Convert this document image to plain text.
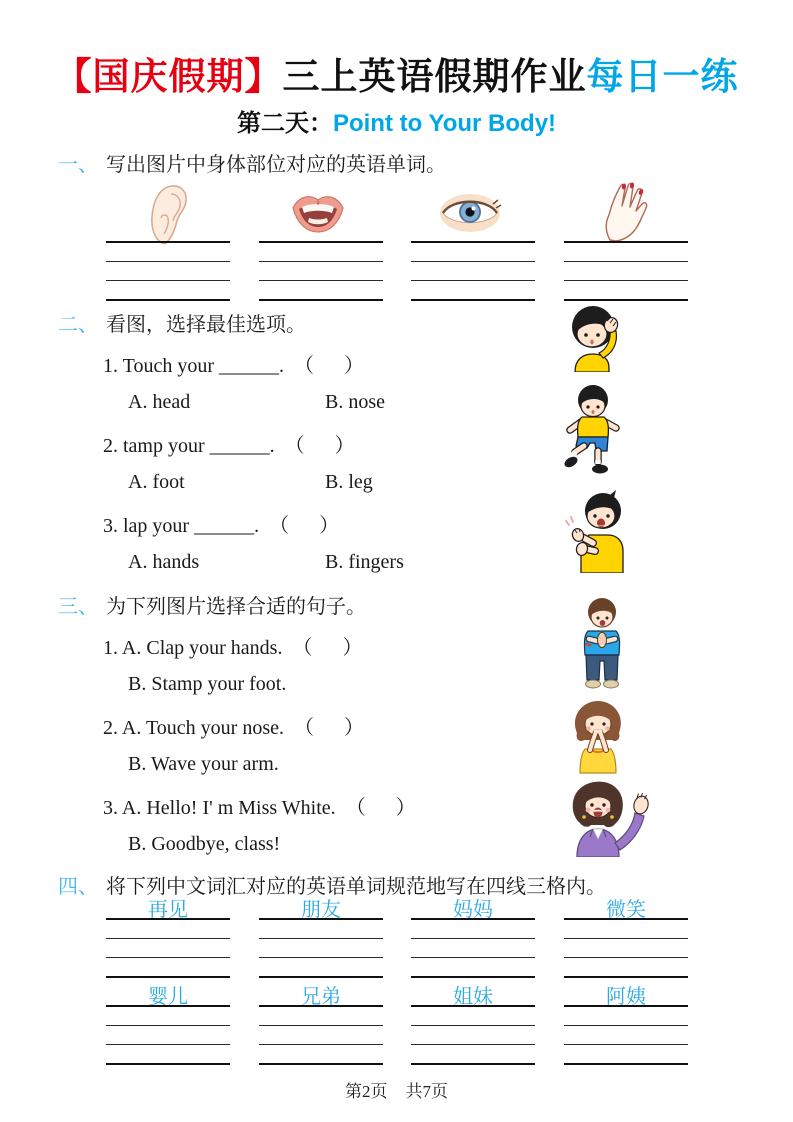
【国庆假期】三上英语假期作业每日一练
第二天：Point to Your Body!
一、 写出图片中身体部位对应的英语单词。
二、 看图，选择最佳选项。
1. Touch your ______. （      ）
A. head	B. nose
2. tamp your ______. （      ）
A. foot	B. leg
3. lap your ______. （      ）
A. hands	B. fingers
三、 为下列图片选择合适的句子。
1. A. Clap your hands. （      ）
B. Stamp your foot.
2. A. Touch your nose. （      ）
B. Wave your arm.
3. A. Hello! I' m Miss White. （      ）
B. Goodbye, class!
四、 将下列中文词汇对应的英语单词规范地写在四线三格内。
再见	朋友	妈妈	微笑
婴儿	兄弟	姐妹	阿姨
第2页 共7页
